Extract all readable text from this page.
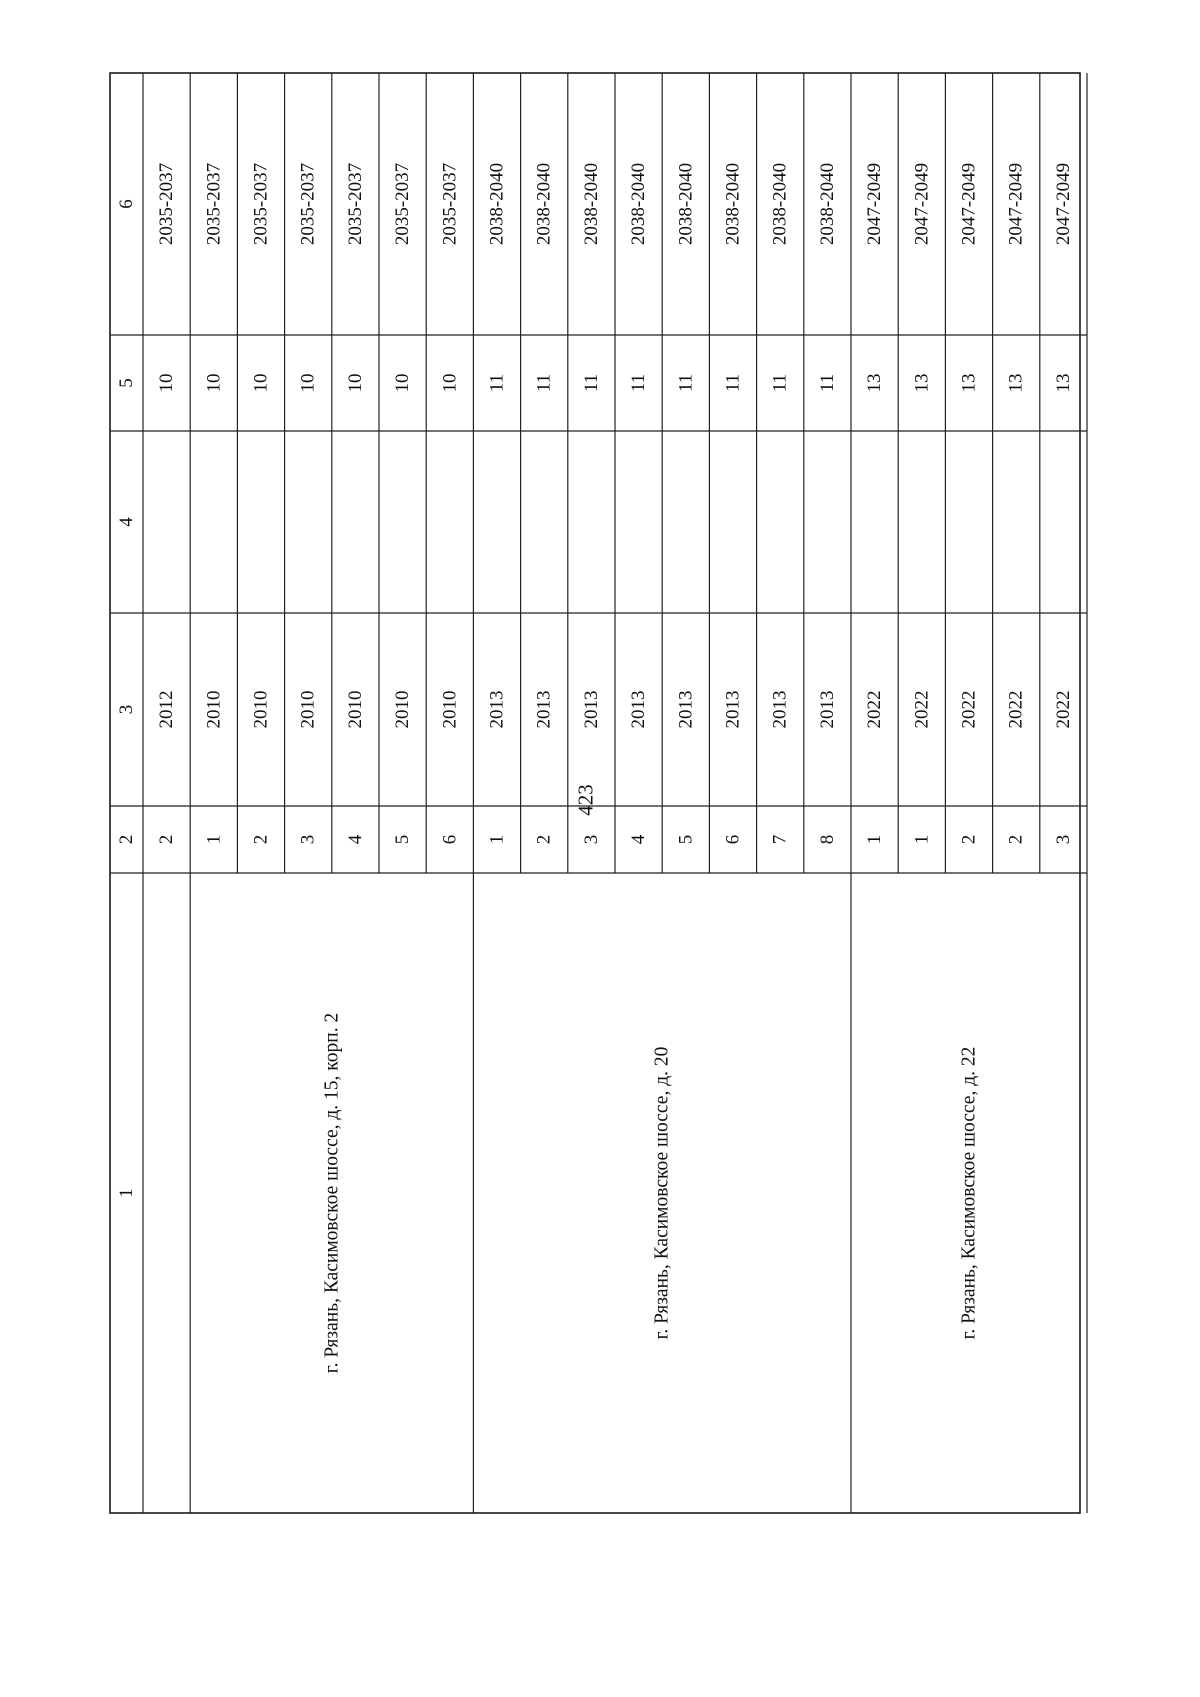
423
1
2
3
4
5
6
2
2012
10
2035-2037
1
2010
10
2035-2037
2
2010
10
2035-2037
3
2010
10
2035-2037
4
2010
10
2035-2037
5
2010
10
2035-2037
6
2010
10
2035-2037
г. Рязань, Касимовское шоссе, д. 15, корп. 2
1
2013
11
2038-2040
2
2013
11
2038-2040
3
2013
11
2038-2040
4
2013
11
2038-2040
5
2013
11
2038-2040
6
2013
11
2038-2040
7
2013
11
2038-2040
8
2013
11
2038-2040
г. Рязань, Касимовское шоссе, д. 20
1
2022
13
2047-2049
1
2022
13
2047-2049
2
2022
13
2047-2049
2
2022
13
2047-2049
3
2022
13
2047-2049
г. Рязань, Касимовское шоссе, д. 22
